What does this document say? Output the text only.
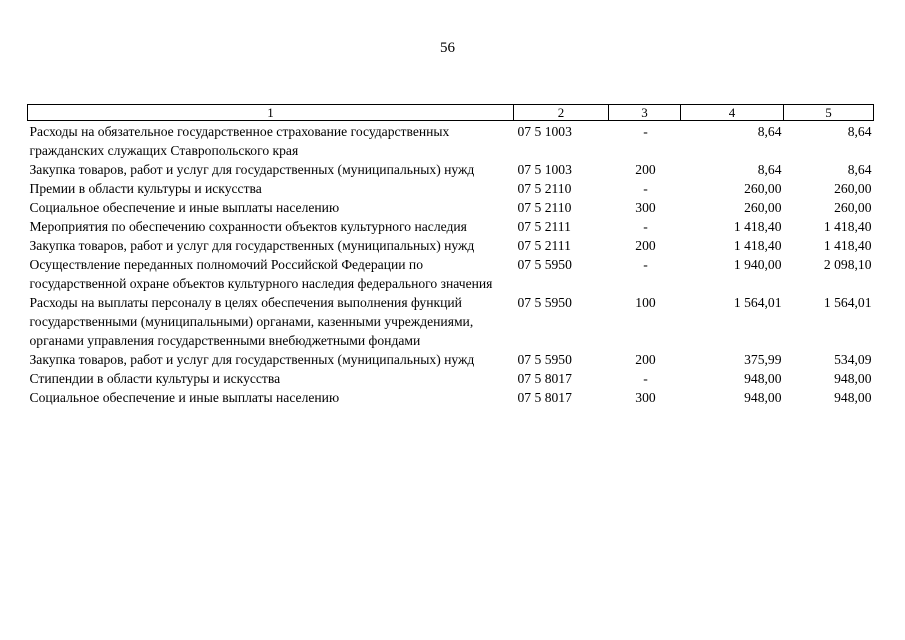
56
1	2	3	4	5
Расходы на обязательное государственное страхование государственных гражданских служащих Ставропольского края	07 5 1003	-	8,64	8,64
Закупка товаров, работ и услуг для государственных (муниципальных) нужд	07 5 1003	200	8,64	8,64
Премии в области культуры и искусства	07 5 2110	-	260,00	260,00
Социальное обеспечение и иные выплаты населению	07 5 2110	300	260,00	260,00
Мероприятия по обеспечению сохранности объектов культурного наследия	07 5 2111	-	1 418,40	1 418,40
Закупка товаров, работ и услуг для государственных (муниципальных) нужд	07 5 2111	200	1 418,40	1 418,40
Осуществление переданных полномочий Российской Федерации по государственной охране объектов культурного наследия федерального значения	07 5 5950	-	1 940,00	2 098,10
Расходы на выплаты персоналу в целях обеспечения выполнения функций государственными (муниципальными) органами, казенными учреждениями, органами управления государственными внебюджетными фондами	07 5 5950	100	1 564,01	1 564,01
Закупка товаров, работ и услуг для государственных (муниципальных) нужд	07 5 5950	200	375,99	534,09
Стипендии в области культуры и искусства	07 5 8017	-	948,00	948,00
Социальное обеспечение и иные выплаты населению	07 5 8017	300	948,00	948,00
